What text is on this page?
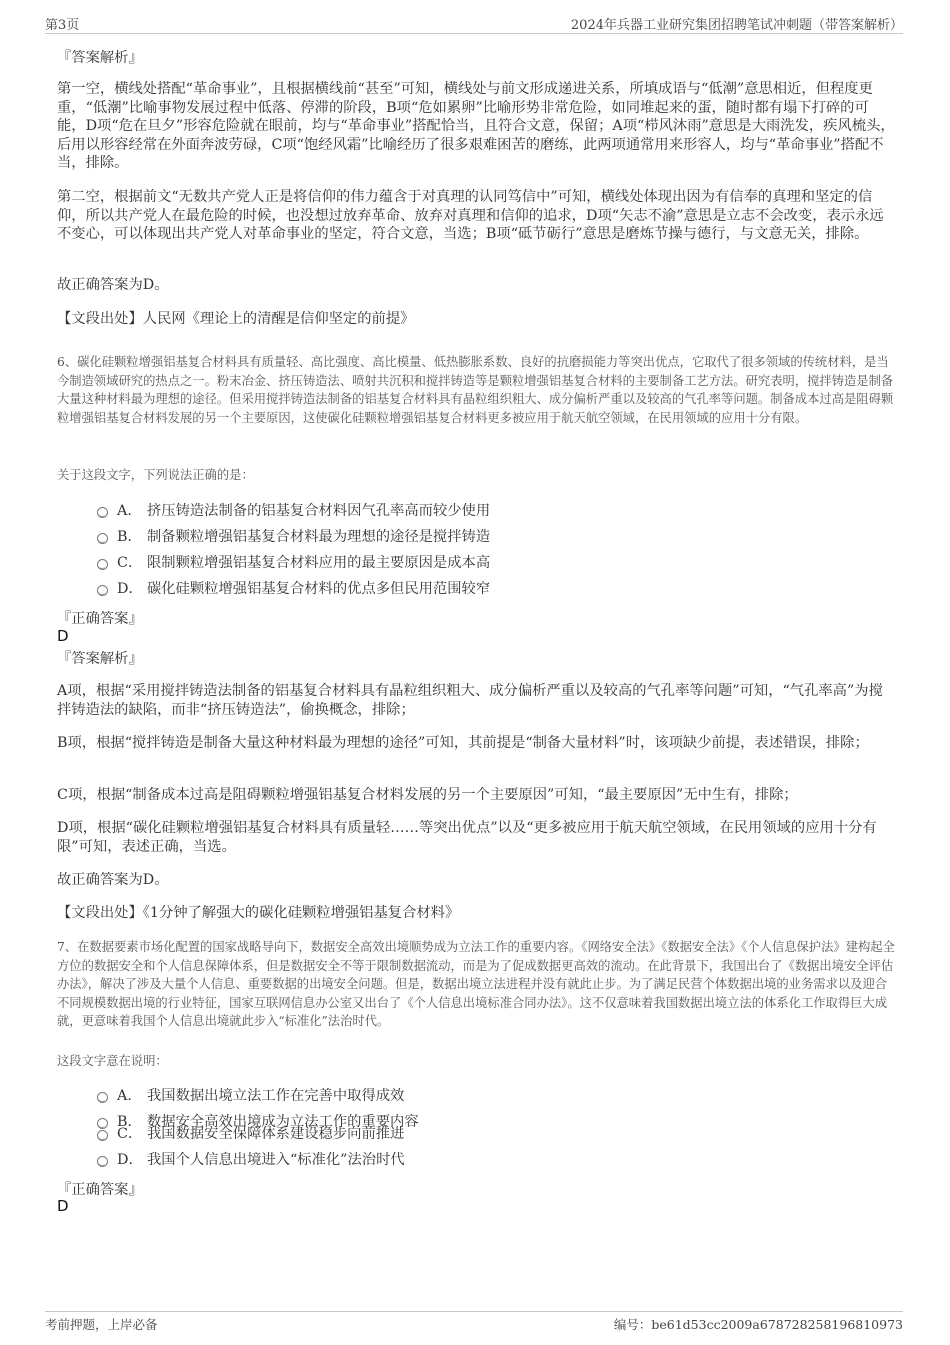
第3页	2024年兵器工业研究集团招聘笔试冲刺题（带答案解析）
『答案解析』
第一空，横线处搭配“革命事业”，且根据横线前“甚至”可知，横线处与前文形成递进关系，所填成语与“低潮”意思相近，但程度更重，“低潮”比喻事物发展过程中低落、停滞的阶段，B项“危如累卵”比喻形势非常危险，如同堆起来的蛋，随时都有塌下打碎的可能，D项“危在旦夕”形容危险就在眼前，均与“革命事业”搭配恰当，且符合文意，保留；A项“栉风沐雨”意思是大雨洗发，疾风梳头，后用以形容经常在外面奔波劳碌，C项“饱经风霜”比喻经历了很多艰难困苦的磨练，此两项通常用来形容人，均与“革命事业”搭配不当，排除。
第二空，根据前文“无数共产党人正是将信仰的伟力蕴含于对真理的认同笃信中”可知，横线处体现出因为有信奉的真理和坚定的信仰，所以共产党人在最危险的时候，也没想过放弃革命、放弃对真理和信仰的追求，D项“矢志不渝”意思是立志不会改变，表示永远不变心，可以体现出共产党人对革命事业的坚定，符合文意，当选；B项“砥节砺行”意思是磨炼节操与德行，与文意无关，排除。
故正确答案为D。
【文段出处】人民网《理论上的清醒是信仰坚定的前提》
6、碳化硅颗粒增强铝基复合材料具有质量轻、高比强度、高比模量、低热膨胀系数、良好的抗磨损能力等突出优点，它取代了很多领域的传统材料，是当今制造领域研究的热点之一。粉末冶金、挤压铸造法、喷射共沉积和搅拌铸造等是颗粒增强铝基复合材料的主要制备工艺方法。研究表明，搅拌铸造是制备大量这种材料最为理想的途径。但采用搅拌铸造法制备的铝基复合材料具有晶粒组织粗大、成分偏析严重以及较高的气孔率等问题。制备成本过高是阻碍颗粒增强铝基复合材料发展的另一个主要原因，这使碳化硅颗粒增强铝基复合材料更多被应用于航天航空领域，在民用领域的应用十分有限。
关于这段文字，下列说法正确的是：
A． 挤压铸造法制备的铝基复合材料因气孔率高而较少使用
B． 制备颗粒增强铝基复合材料最为理想的途径是搅拌铸造
C． 限制颗粒增强铝基复合材料应用的最主要原因是成本高
D． 碳化硅颗粒增强铝基复合材料的优点多但民用范围较窄
『正确答案』
D
『答案解析』
A项，根据“采用搅拌铸造法制备的铝基复合材料具有晶粒组织粗大、成分偏析严重以及较高的气孔率等问题”可知，“气孔率高”为搅拌铸造法的缺陷，而非“挤压铸造法”，偷换概念，排除；
B项，根据“搅拌铸造是制备大量这种材料最为理想的途径”可知，其前提是“制备大量材料”时，该项缺少前提，表述错误，排除；
C项，根据“制备成本过高是阻碍颗粒增强铝基复合材料发展的另一个主要原因”可知，“最主要原因”无中生有，排除；
D项，根据“碳化硅颗粒增强铝基复合材料具有质量轻……等突出优点”以及“更多被应用于航天航空领域，在民用领域的应用十分有限”可知，表述正确，当选。
故正确答案为D。
【文段出处】《1分钟了解强大的碳化硅颗粒增强铝基复合材料》
7、在数据要素市场化配置的国家战略导向下，数据安全高效出境顺势成为立法工作的重要内容。《网络安全法》《数据安全法》《个人信息保护法》建构起全方位的数据安全和个人信息保障体系，但是数据安全不等于限制数据流动，而是为了促成数据更高效的流动。在此背景下，我国出台了《数据出境安全评估办法》，解决了涉及大量个人信息、重要数据的出境安全问题。但是，数据出境立法进程并没有就此止步。为了满足民营个体数据出境的业务需求以及迎合不同规模数据出境的行业特征，国家互联网信息办公室又出台了《个人信息出境标准合同办法》。这不仅意味着我国数据出境立法的体系化工作取得巨大成就，更意味着我国个人信息出境就此步入“标准化”法治时代。
这段文字意在说明：
A． 我国数据出境立法工作在完善中取得成效
B． 数据安全高效出境成为立法工作的重要内容
C． 我国数据安全保障体系建设稳步向前推进
D． 我国个人信息出境进入“标准化”法治时代
『正确答案』
D
考前押题，上岸必备	编号：be61d53cc2009a678728258196810973
